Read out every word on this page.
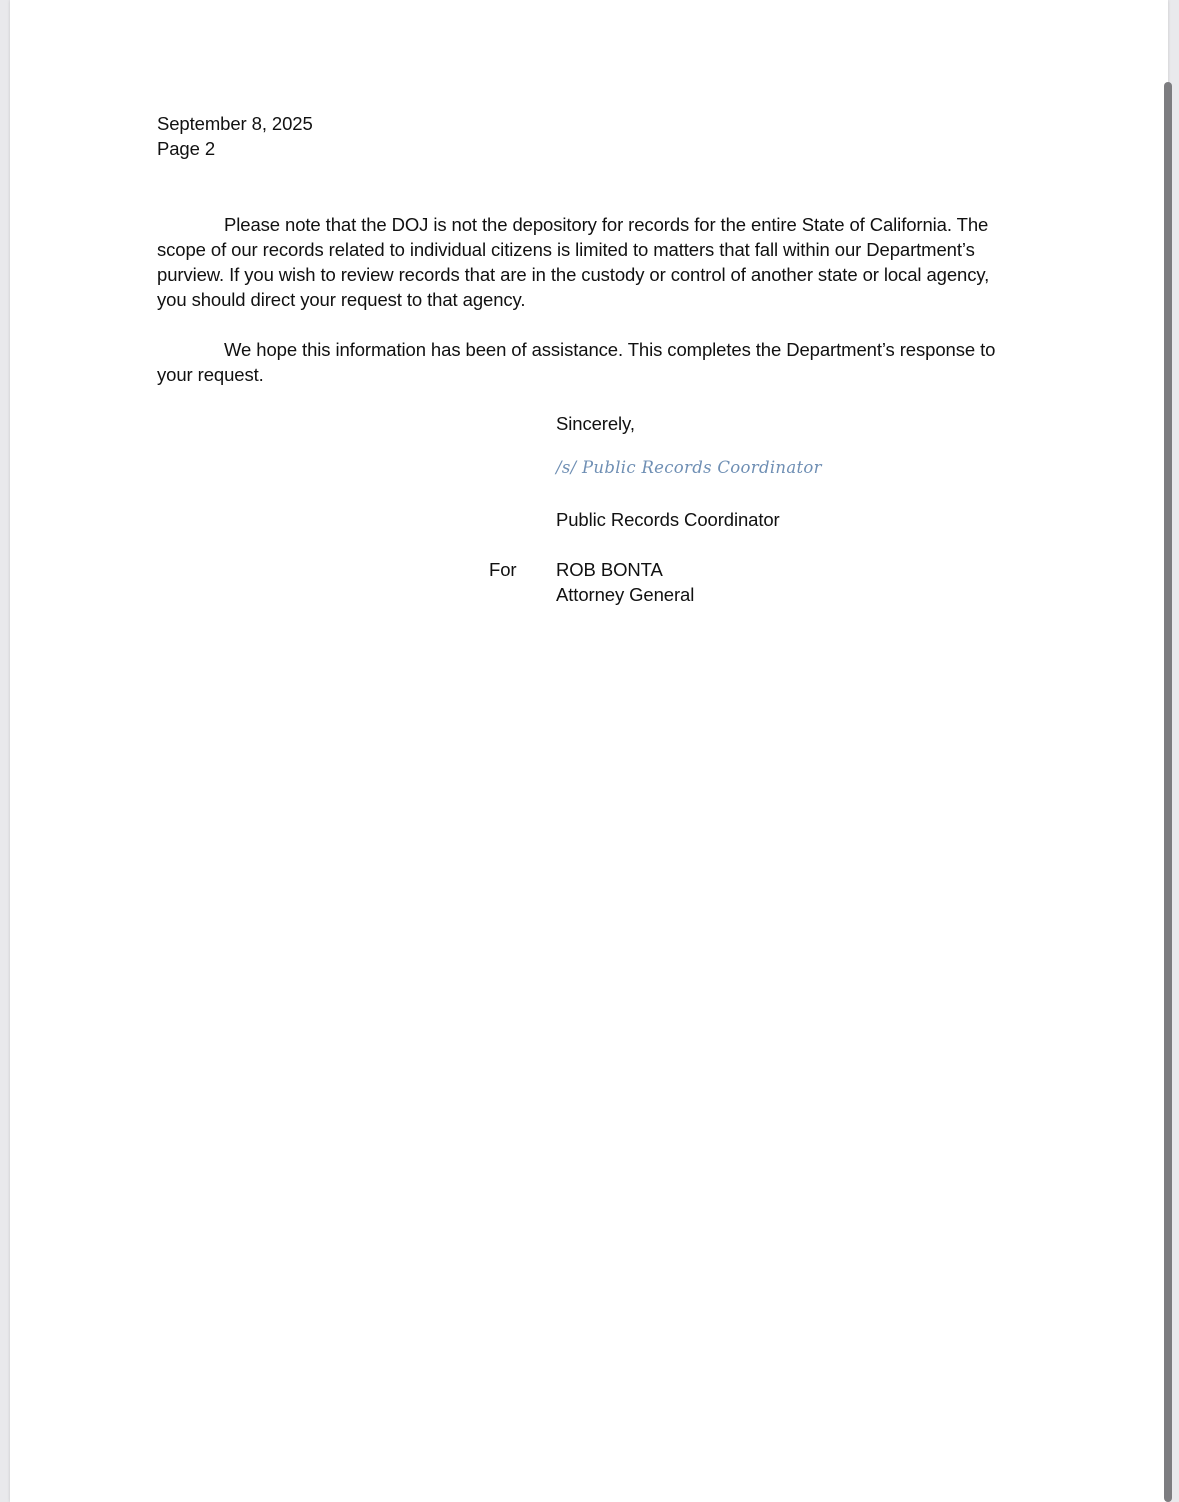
September 8, 2025
Page 2
Please note that the DOJ is not the depository for records for the entire State of California. The scope of our records related to individual citizens is limited to matters that fall within our Department’s purview. If you wish to review records that are in the custody or control of another state or local agency, you should direct your request to that agency.
We hope this information has been of assistance. This completes the Department’s response to your request.
Sincerely,
/s/ Public Records Coordinator
Public Records Coordinator
For ROB BONTA
Attorney General
